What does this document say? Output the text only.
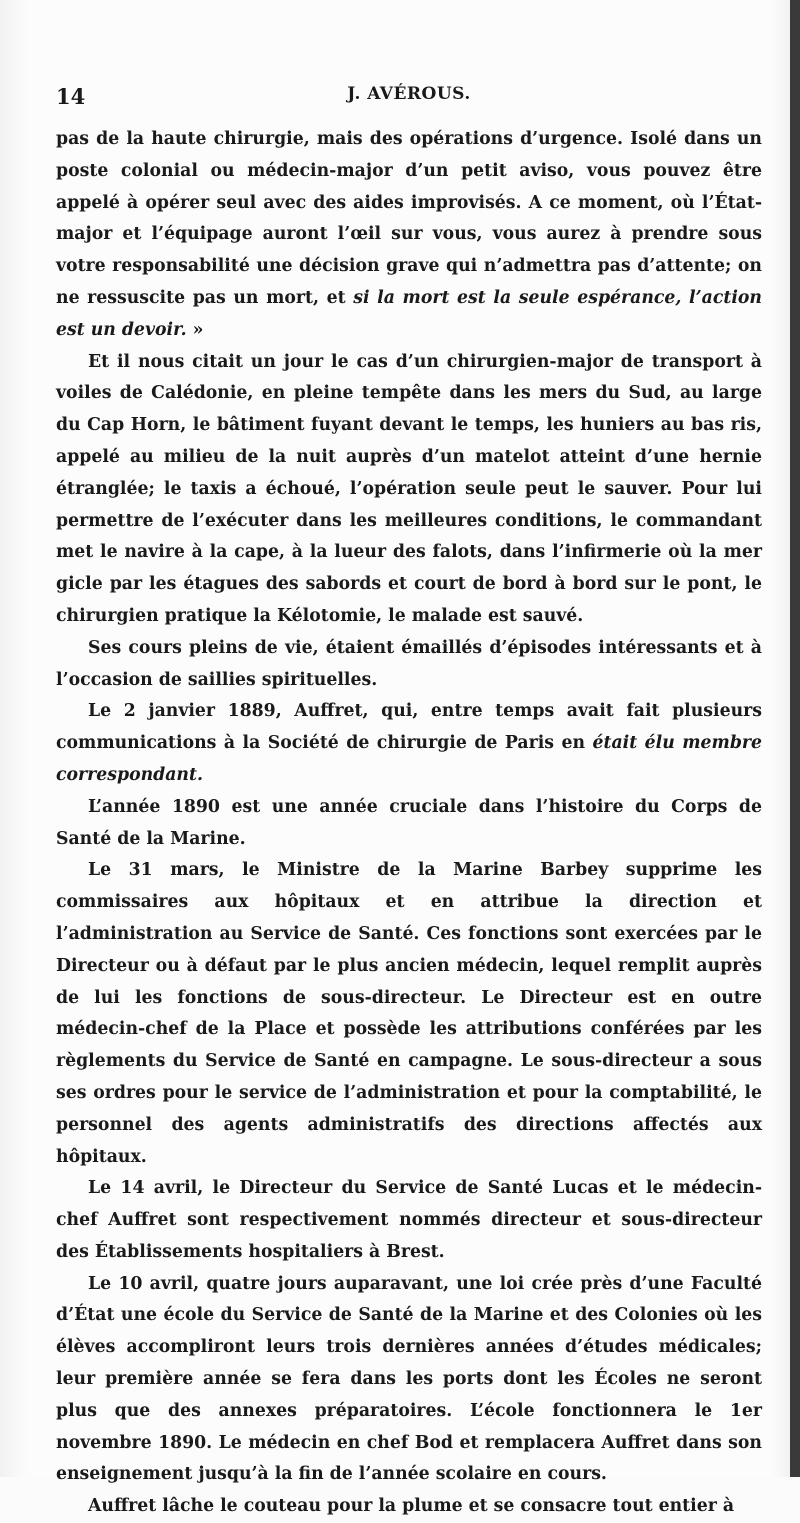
14	J. AVÉROUS.

pas de la haute chirurgie, mais des opérations d’urgence. Isolé dans un poste colonial ou médecin-major d’un petit aviso, vous pouvez être appelé à opérer seul avec des aides improvisés. A ce moment, où l’État-major et l’équipage auront l’œil sur vous, vous aurez à prendre sous votre responsabilité une décision grave qui n’admettra pas d’attente; on ne ressuscite pas un mort, et si la mort est la seule espérance, l’action est un devoir. »

Et il nous citait un jour le cas d’un chirurgien-major de transport à voiles de Calédonie, en pleine tempête dans les mers du Sud, au large du Cap Horn, le bâtiment fuyant devant le temps, les huniers au bas ris, appelé au milieu de la nuit auprès d’un matelot atteint d’une hernie étranglée; le taxis a échoué, l’opération seule peut le sauver. Pour lui permettre de l’exécuter dans les meilleures conditions, le commandant met le navire à la cape, à la lueur des falots, dans l’infirmerie où la mer gicle par les étagues des sabords et court de bord à bord sur le pont, le chirurgien pratique la Kélotomie, le malade est sauvé.

Ses cours pleins de vie, étaient émaillés d’épisodes intéressants et à l’occasion de saillies spirituelles.

Le 2 janvier 1889, Auffret, qui, entre temps avait fait plusieurs communications à la Société de chirurgie de Paris en était élu membre correspondant.

L’année 1890 est une année cruciale dans l’histoire du Corps de Santé de la Marine.

Le 31 mars, le Ministre de la Marine Barbey supprime les commissaires aux hôpitaux et en attribue la direction et l’administration au Service de Santé. Ces fonctions sont exercées par le Directeur ou à défaut par le plus ancien médecin, lequel remplit auprès de lui les fonctions de sous-directeur. Le Directeur est en outre médecin-chef de la Place et possède les attributions conférées par les règlements du Service de Santé en campagne. Le sous-directeur a sous ses ordres pour le service de l’administration et pour la comptabilité, le personnel des agents administratifs des directions affectés aux hôpitaux.

Le 14 avril, le Directeur du Service de Santé Lucas et le médecin-chef Auffret sont respectivement nommés directeur et sous-directeur des Établissements hospitaliers à Brest.

Le 10 avril, quatre jours auparavant, une loi crée près d’une Faculté d’État une école du Service de Santé de la Marine et des Colonies où les élèves accompliront leurs trois dernières années d’études médicales; leur première année se fera dans les ports dont les Écoles ne seront plus que des annexes préparatoires. L’école fonctionnera le 1er novembre 1890. Le médecin en chef Bod et remplacera Auffret dans son enseignement jusqu’à la fin de l’année scolaire en cours.

Auffret lâche le couteau pour la plume et se consacre tout entier à
